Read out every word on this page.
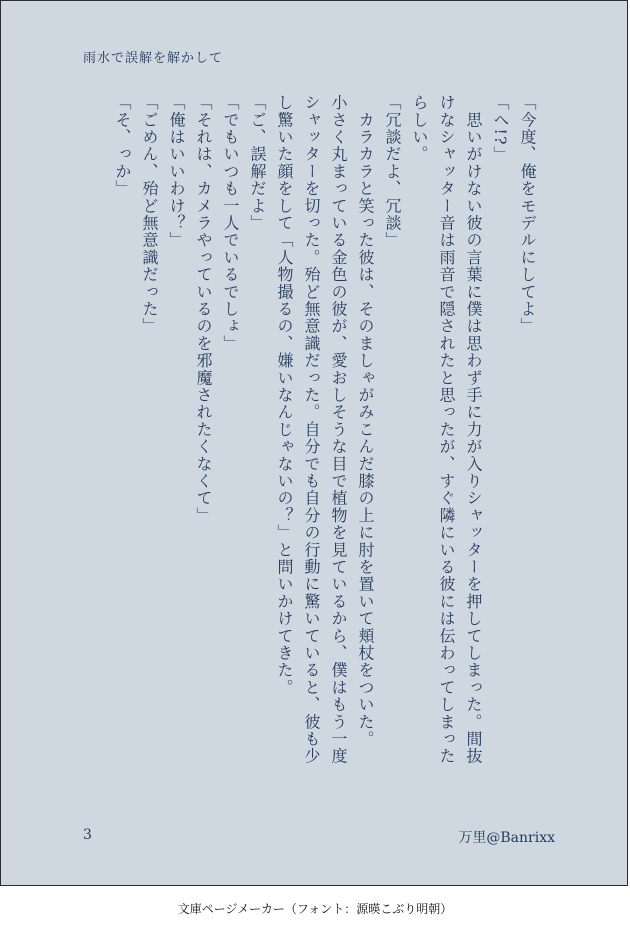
雨水で誤解を解かして
「今度、俺をモデルにしてよ」
「へ!?」
　思いがけない彼の言葉に僕は思わず手に力が入りシャッターを押してしまった。間抜
けなシャッター音は雨音で隠されたと思ったが、すぐ隣にいる彼には伝わってしまった
らしい。
「冗談だよ、冗談」
　カラカラと笑った彼は、そのましゃがみこんだ膝の上に肘を置いて頬杖をついた。
小さく丸まっている金色の彼が、愛おしそうな目で植物を見ているから、僕はもう一度
シャッターを切った。殆ど無意識だった。自分でも自分の行動に驚いていると、彼も少
し驚いた顔をして「人物撮るの、嫌いなんじゃないの？」と問いかけてきた。
「ご、誤解だよ」
「でもいつも一人でいるでしょ」
「それは、カメラやっているのを邪魔されたくなくて」
「俺はいいわけ？」
「ごめん、殆ど無意識だった」
「そ、っか」
3	万里@Banrixx
文庫ページメーカー（フォント：源暎こぶり明朝）
